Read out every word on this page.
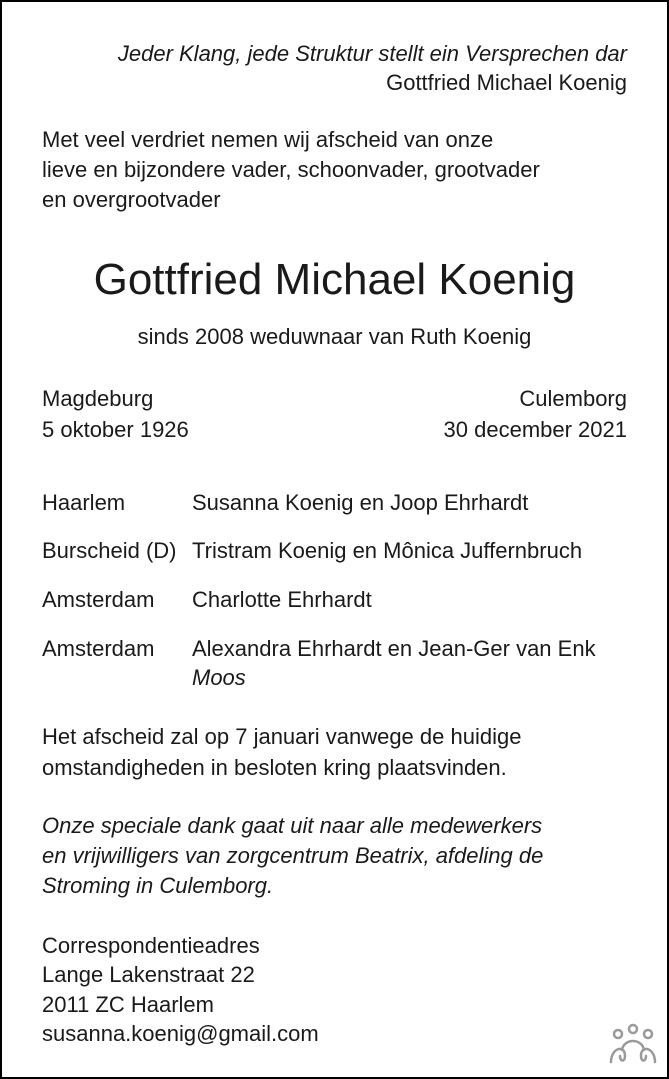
Jeder Klang, jede Struktur stellt ein Versprechen dar
Gottfried Michael Koenig
Met veel verdriet nemen wij afscheid van onze
lieve en bijzondere vader, schoonvader, grootvader
en overgrootvader
Gottfried Michael Koenig
sinds 2008 weduwnaar van Ruth Koenig
Magdeburg
5 oktober 1926
Culemborg
30 december 2021
Haarlem	Susanna Koenig en Joop Ehrhardt
Burscheid (D) Tristram Koenig en Mônica Juffernbruch
Amsterdam Charlotte Ehrhardt
Amsterdam Alexandra Ehrhardt en Jean-Ger van Enk
Moos
Het afscheid zal op 7 januari vanwege de huidige
omstandigheden in besloten kring plaatsvinden.
Onze speciale dank gaat uit naar alle medewerkers
en vrijwilligers van zorgcentrum Beatrix, afdeling de
Stroming in Culemborg.
Correspondentieadres
Lange Lakenstraat 22
2011 ZC Haarlem
susanna.koenig@gmail.com
